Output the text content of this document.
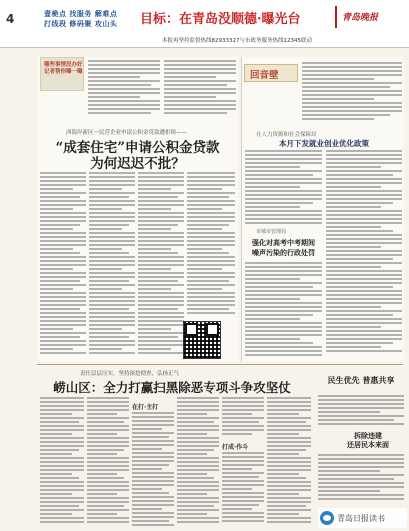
4	壹桅点 找服务 解难点
打线段 修码聚 攻山头 目标：在青岛没顺德·曝光台	青岛晚报
本报再坚持监督热线82933327与市政务服务热线12345联动
哪些事情没办好 记者帮你曝一曝
西海岸新区一民营企业申请公积金贷款遭拒续——
“成套住宅”申请公积金贷款
为何迟迟不批？
回音壁
在人力资源和社会保障局
本月下发就业创业优化政策
市城市管理局
强化对高考中考期间
噪声污染的行政处罚
责任层层压实，坚持深挖彻查，弘扬正气
崂山区：全力打赢扫黑除恶专项斗争攻坚仗
在打·主打
打成·作斗
民生优先 普惠共享
拆除违建
还居民本来面
青岛日报读书
